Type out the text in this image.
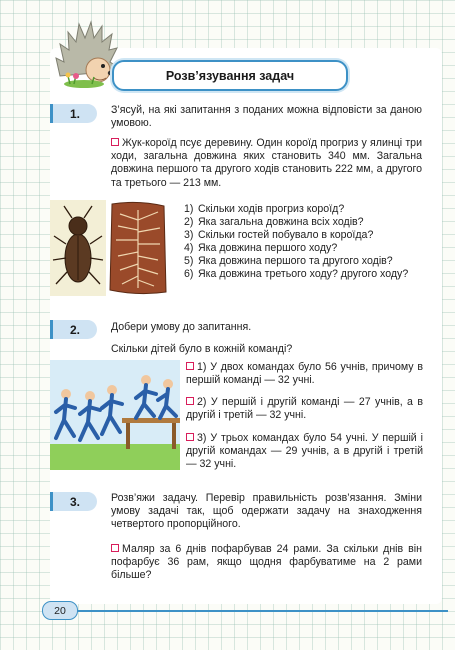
Розв’язування задач
1.	З’ясуй, на які запитання з поданих можна відповісти за даною умовою.
Жук-короїд псує деревину. Один короїд прогриз у ялинці три ходи, загальна довжина яких становить 340 мм. Загальна довжина першого та другого ходів становить 222 мм, а другого та третього — 213 мм.
1) Скільки ходів прогриз короїд?
2) Яка загальна довжина всіх ходів?
3) Скільки гостей побувало в короїда?
4) Яка довжина першого ходу?
5) Яка довжина першого та другого ходів?
6) Яка довжина третього ходу? другого ходу?
2.	Добери умову до запитання.
Скільки дітей було в кожній команді?
1) У двох командах було 56 учнів, причому в першій команді — 32 учні.
2) У першій і другій команді — 27 учнів, а в другій і третій — 32 учні.
3) У трьох командах було 54 учні. У першій і другій командах — 29 учнів, а в другій і третій — 32 учні.
3.	Розв’яжи задачу. Перевір правильність розв’язання. Зміни умову задачі так, щоб одержати задачу на знаходження четвертого пропорційного.
Маляр за 6 днів пофарбував 24 рами. За скільки днів він пофарбує 36 рам, якщо щодня фарбуватиме на 2 рами більше?
20
